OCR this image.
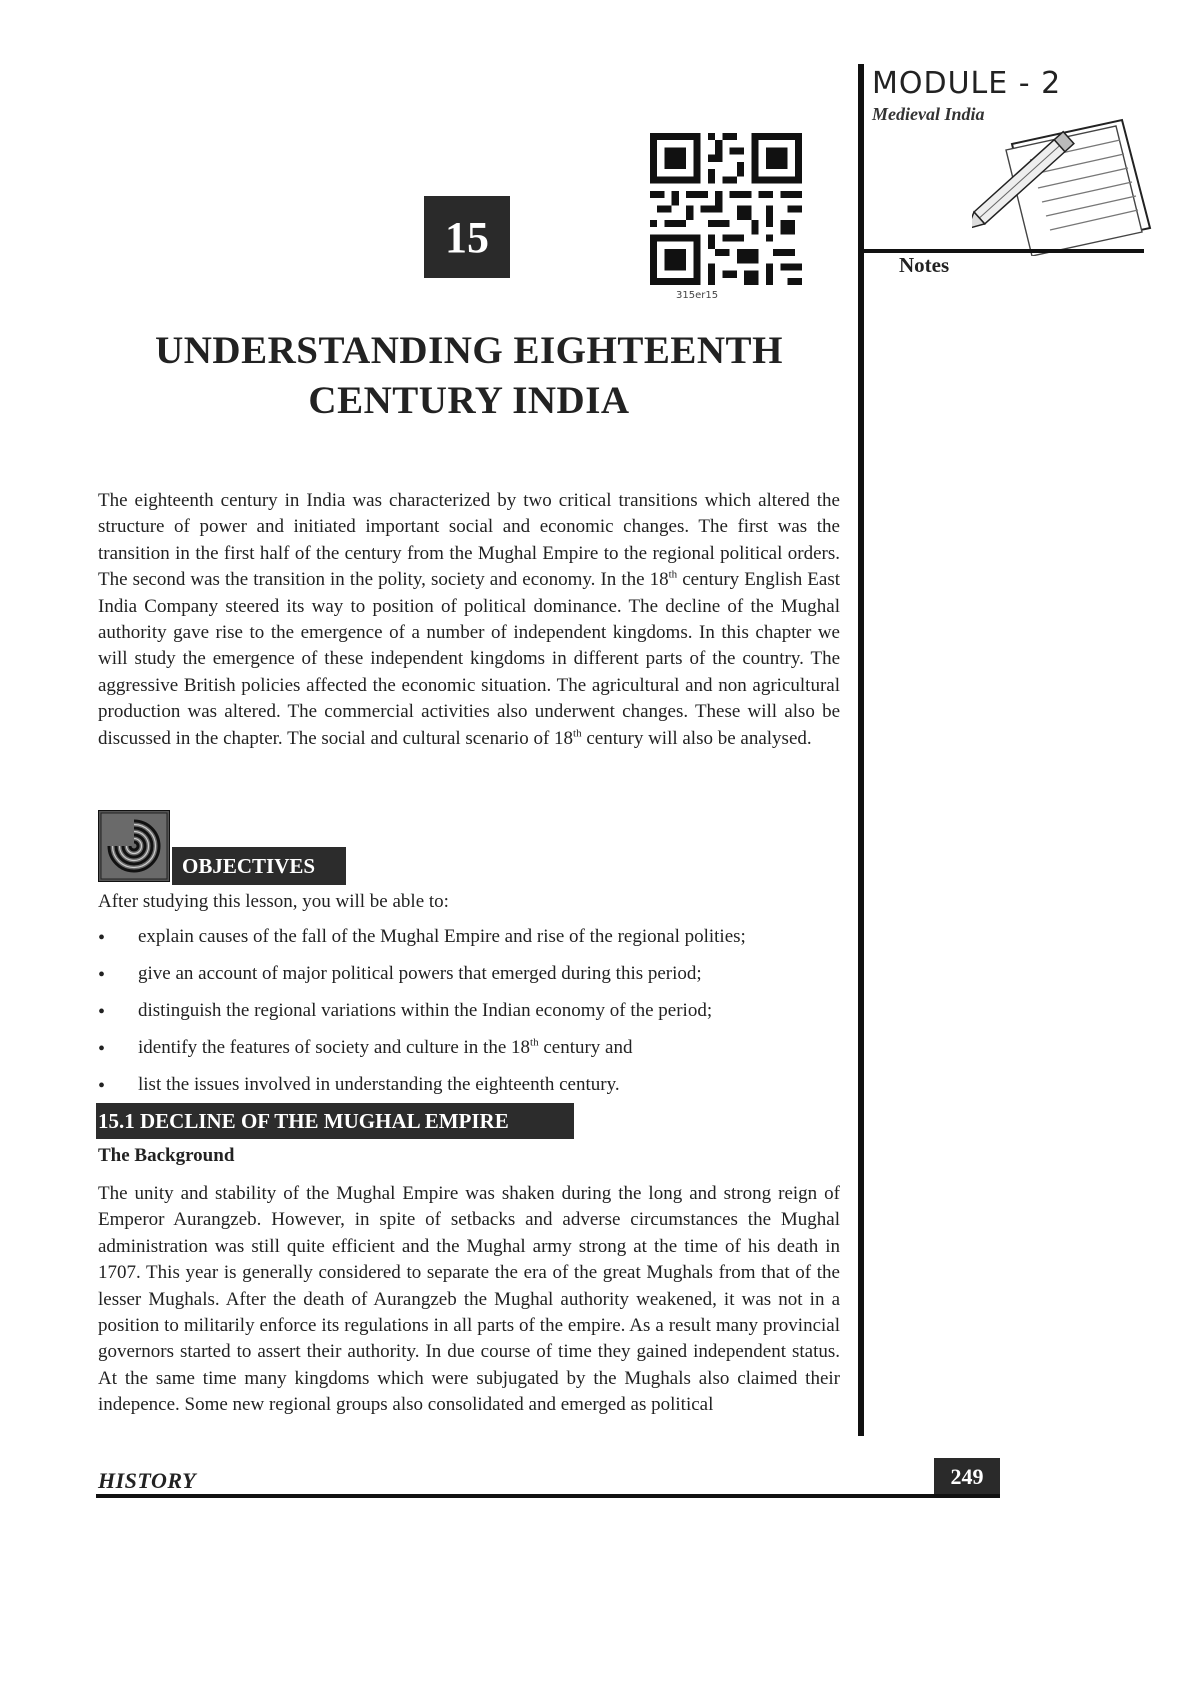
MODULE - 2
Medieval India
Notes
15
315er15
UNDERSTANDING EIGHTEENTH
CENTURY INDIA
The eighteenth century in India was characterized by two critical transitions which altered the structure of power and initiated important social and economic changes. The first was the transition in the first half of the century from the Mughal Empire to the regional political orders. The second was the transition in the polity, society and economy. In the 18th century English East India Company steered its way to position of political dominance. The decline of the Mughal authority gave rise to the emergence of a number of independent kingdoms. In this chapter we will study the emergence of these independent kingdoms in different parts of the country. The aggressive British policies affected the economic situation. The agricultural and non agricultural production was altered. The commercial activities also underwent changes. These will also be discussed in the chapter. The social and cultural scenario of 18th century will also be analysed.
OBJECTIVES
After studying this lesson, you will be able to:
• explain causes of the fall of the Mughal Empire and rise of the regional polities;
• give an account of major political powers that emerged during this period;
• distinguish the regional variations within the Indian economy of the period;
• identify the features of society and culture in the 18th century and
• list the issues involved in understanding the eighteenth century.
15.1 DECLINE OF THE MUGHAL EMPIRE
The Background
The unity and stability of the Mughal Empire was shaken during the long and strong reign of Emperor Aurangzeb. However, in spite of setbacks and adverse circumstances the Mughal administration was still quite efficient and the Mughal army strong at the time of his death in 1707. This year is generally considered to separate the era of the great Mughals from that of the lesser Mughals. After the death of Aurangzeb the Mughal authority weakened, it was not in a position to militarily enforce its regulations in all parts of the empire. As a result many provincial governors started to assert their authority. In due course of time they gained independent status. At the same time many kingdoms which were subjugated by the Mughals also claimed their indepence. Some new regional groups also consolidated and emerged as political
HISTORY	249
